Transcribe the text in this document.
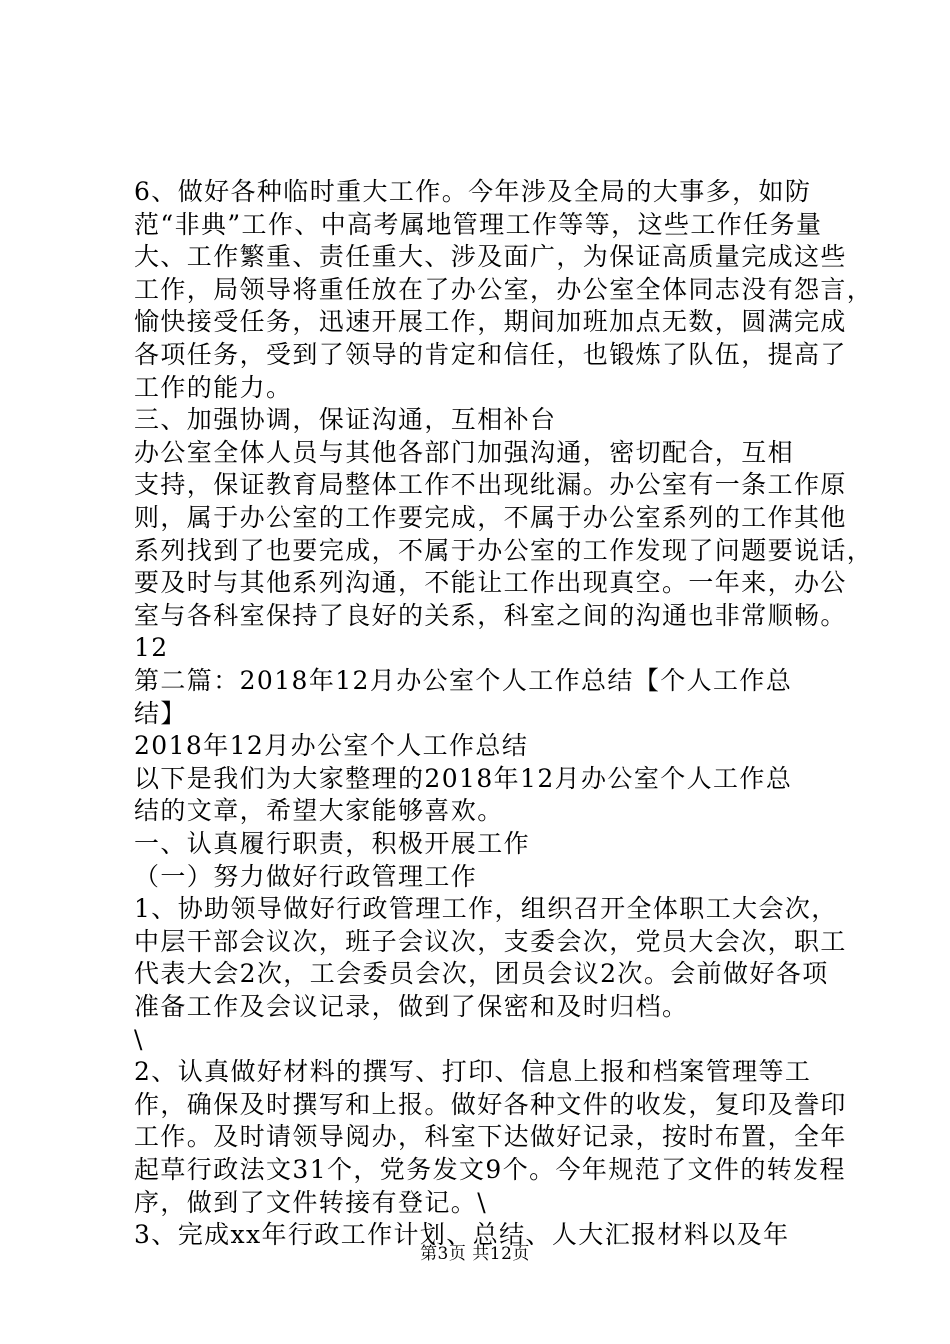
6、做好各种临时重大工作。今年涉及全局的大事多，如防
范“非典”工作、中高考属地管理工作等等，这些工作任务量
大、工作繁重、责任重大、涉及面广，为保证高质量完成这些
工作，局领导将重任放在了办公室，办公室全体同志没有怨言，
愉快接受任务，迅速开展工作，期间加班加点无数，圆满完成
各项任务，受到了领导的肯定和信任，也锻炼了队伍，提高了
工作的能力。
三、加强协调，保证沟通，互相补台
办公室全体人员与其他各部门加强沟通，密切配合，互相
支持，保证教育局整体工作不出现纰漏。办公室有一条工作原
则，属于办公室的工作要完成，不属于办公室系列的工作其他
系列找到了也要完成，不属于办公室的工作发现了问题要说话，
要及时与其他系列沟通，不能让工作出现真空。一年来，办公
室与各科室保持了良好的关系，科室之间的沟通也非常顺畅。
12
第二篇：2018年12月办公室个人工作总结【个人工作总
结】
2018年12月办公室个人工作总结
以下是我们为大家整理的2018年12月办公室个人工作总
结的文章，希望大家能够喜欢。
一、认真履行职责，积极开展工作
（一）努力做好行政管理工作
1、协助领导做好行政管理工作，组织召开全体职工大会次，
中层干部会议次，班子会议次，支委会次，党员大会次，职工
代表大会2次，工会委员会次，团员会议2次。会前做好各项
准备工作及会议记录，做到了保密和及时归档。
\
2、认真做好材料的撰写、打印、信息上报和档案管理等工
作，确保及时撰写和上报。做好各种文件的收发，复印及誊印
工作。及时请领导阅办，科室下达做好记录，按时布置，全年
起草行政法文31个，党务发文9个。今年规范了文件的转发程
序，做到了文件转接有登记。\
3、完成xx年行政工作计划、总结、人大汇报材料以及年
第3页 共12页
